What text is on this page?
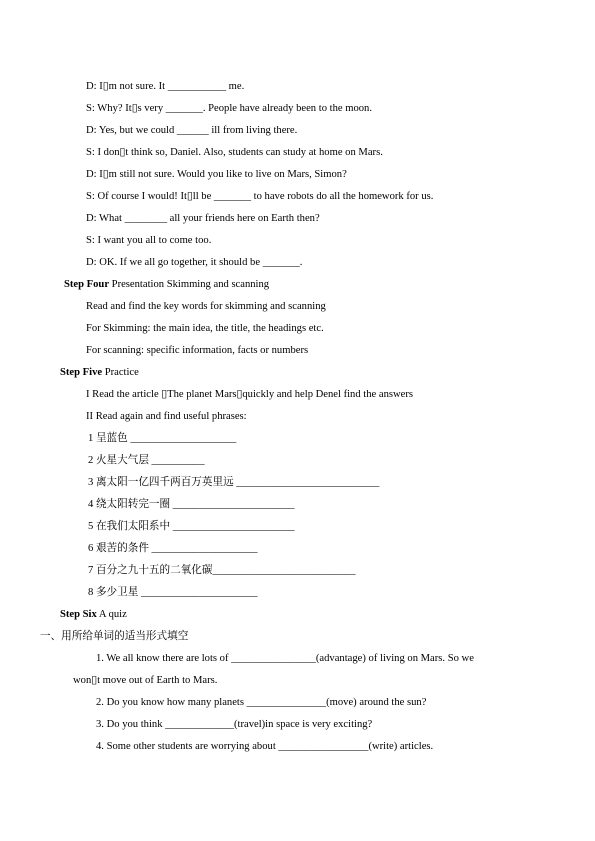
D: I▯m not sure. It ___________ me.
S: Why? It▯s very _______. People have already been to the moon.
D: Yes, but we could ______ ill from living there.
S: I don▯t think so, Daniel. Also, students can study at home on Mars.
D: I▯m still not sure. Would you like to live on Mars, Simon?
S: Of course I would! It▯ll be _______ to have robots do all the homework for us.
D: What ________ all your friends here on Earth then?
S: I want you all to come too.
D: OK. If we all go together, it should be _______.
Step Four Presentation Skimming and scanning
Read and find the key words for skimming and scanning
For Skimming: the main idea, the title, the headings etc.
For scanning: specific information, facts or numbers
Step Five Practice
I Read the article ▯The planet Mars▯quickly and help Denel find the answers
II Read again and find useful phrases:
1 呈蓝色 ____________________
2 火星大气层 __________
3 离太阳一亿四千两百万英里远 ___________________________
4 绕太阳转完一圈 _______________________
5 在我们太阳系中 _______________________
6 艰苦的条件 ____________________
7 百分之九十五的二氧化碳___________________________
8 多少卫星 ______________________
Step Six A quiz
一、用所给单词的适当形式填空
1. We all know there are lots of ________________(advantage) of living on Mars. So we
won▯t move out of Earth to Mars.
2. Do you know how many planets _______________(move) around the sun?
3. Do you think _____________(travel)in space is very exciting?
4. Some other students are worrying about _________________(write) articles.
